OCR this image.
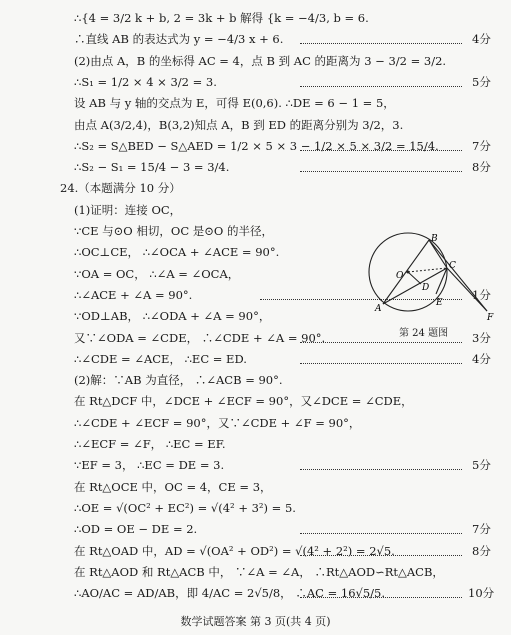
∴{4 = 3/2 k + b, 2 = 3k + b 解得 {k = −4/3, b = 6.
∴直线 AB 的表达式为 y = −4/3 x + 6.	4分
(2)由点 A，B 的坐标得 AC = 4，点 B 到 AC 的距离为 3 − 3/2 = 3/2.
∴S₁ = 1/2 × 4 × 3/2 = 3.	5分
设 AB 与 y 轴的交点为 E，可得 E(0,6). ∴DE = 6 − 1 = 5，
由点 A(3/2,4)，B(3,2)知点 A，B 到 ED 的距离分别为 3/2，3.
∴S₂ = S△BED − S△AED = 1/2 × 5 × 3 − 1/2 × 5 × 3/2 = 15/4.	7分
∴S₂ − S₁ = 15/4 − 3 = 3/4.	8分
24.（本题满分 10 分）
(1)证明：连接 OC，
∵CE 与⊙O 相切，OC 是⊙O 的半径，
∴OC⊥CE， ∴∠OCA + ∠ACE = 90°.
∵OA = OC， ∴∠A = ∠OCA，
∴∠ACE + ∠A = 90°.	1分
∵OD⊥AB， ∴∠ODA + ∠A = 90°，
又∵∠ODA = ∠CDE， ∴∠CDE + ∠A = 90°.	3分
∴∠CDE = ∠ACE， ∴EC = ED.	4分
(2)解：∵AB 为直径， ∴∠ACB = 90°.
在 Rt△DCF 中，∠DCE + ∠ECF = 90°，又∠DCE = ∠CDE，
∴∠CDE + ∠ECF = 90°，又∵∠CDE + ∠F = 90°，
∴∠ECF = ∠F， ∴EC = EF.
∵EF = 3， ∴EC = DE = 3.	5分
在 Rt△OCE 中，OC = 4，CE = 3，
∴OE = √(OC² + EC²) = √(4² + 3²) = 5.
∴OD = OE − DE = 2.	7分
在 Rt△OAD 中，AD = √(OA² + OD²) = √(4² + 2²) = 2√5.	8分
在 Rt△AOD 和 Rt△ACB 中， ∵∠A = ∠A， ∴Rt△AOD∽Rt△ACB，
∴AO/AC = AD/AB，即 4/AC = 2√5/8， ∴AC = 16√5/5.	10分
B
O
C
D
E
A
F
第 24 题图
数学试题答案 第 3 页(共 4 页)
